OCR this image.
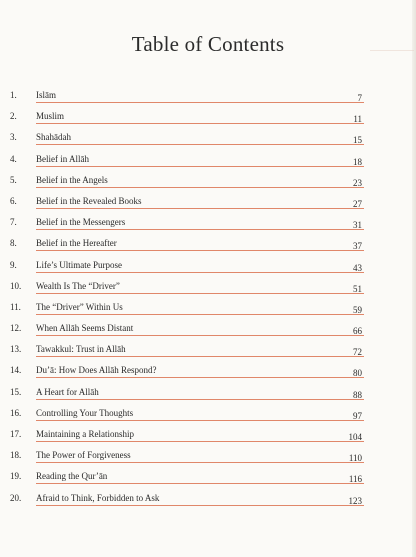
Table of Contents
1.	Islām	7
2.	Muslim	11
3.	Shahādah	15
4.	Belief in Allāh	18
5.	Belief in the Angels	23
6.	Belief in the Revealed Books	27
7.	Belief in the Messengers	31
8.	Belief in the Hereafter	37
9.	Life’s Ultimate Purpose	43
10.	Wealth Is The “Driver”	51
11.	The “Driver” Within Us	59
12.	When Allāh Seems Distant	66
13.	Tawakkul: Trust in Allāh	72
14.	Du’ā: How Does Allāh Respond?	80
15.	A Heart for Allāh	88
16.	Controlling Your Thoughts	97
17.	Maintaining a Relationship	104
18.	The Power of Forgiveness	110
19.	Reading the Qur’ān	116
20.	Afraid to Think, Forbidden to Ask	123
